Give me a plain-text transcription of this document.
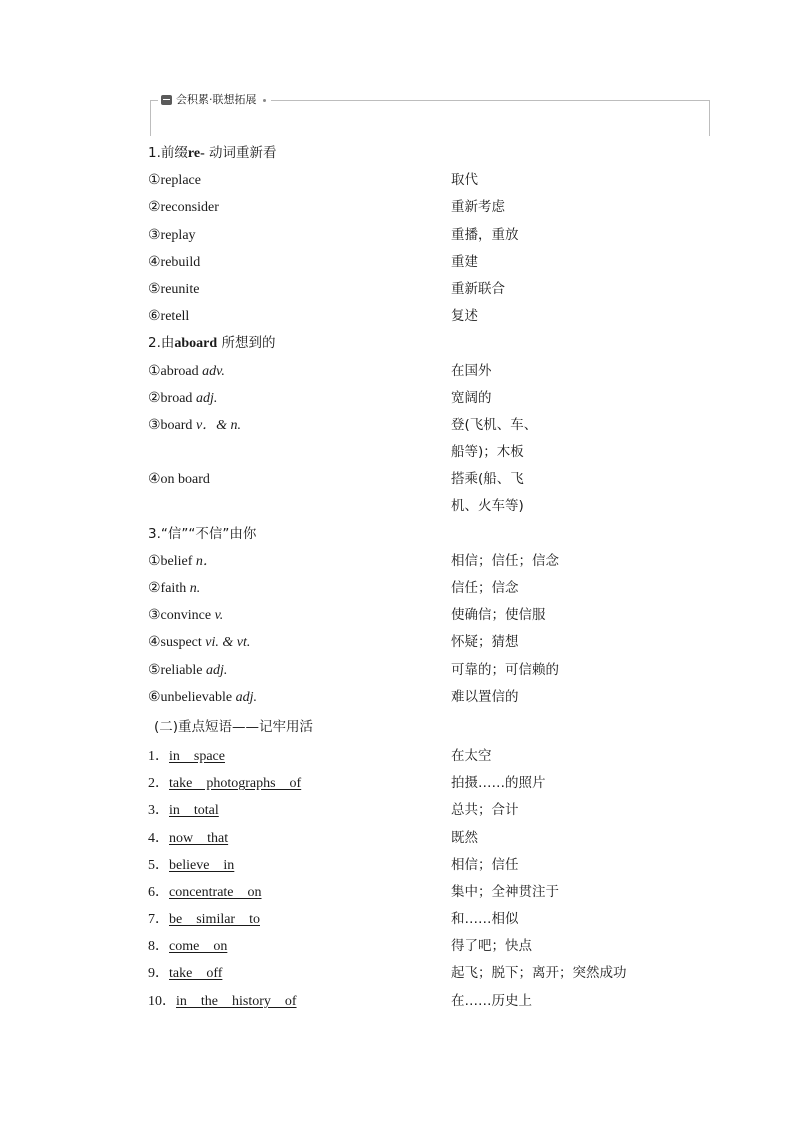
会积累·联想拓展
1.前缀re- 动词重新看
①replace	取代
②reconsider	重新考虑
③replay	重播，重放
④rebuild	重建
⑤reunite	重新联合
⑥retell	复述
2.由aboard 所想到的
①abroad adv.	在国外
②broad adj.	宽阔的
③board v．& n.	登(飞机、车、
船等)；木板
④on board	搭乘(船、飞
机、火车等)
3.“信”“不信”由你
①belief n．	相信；信任；信念
②faith n.	信任；信念
③convince v.	使确信；使信服
④suspect vi. & vt.	怀疑；猜想
⑤reliable adj.	可靠的；可信赖的
⑥unbelievable adj.	难以置信的
(二)重点短语——记牢用活
1．in    space	在太空
2．take    photographs    of	拍摄……的照片
3．in    total	总共；合计
4．now    that	既然
5．believe    in	相信；信任
6．concentrate    on	集中；全神贯注于
7．be    similar    to	和……相似
8．come    on	得了吧；快点
9．take    off	起飞；脱下；离开；突然成功
10．in    the    history    of	在……历史上
